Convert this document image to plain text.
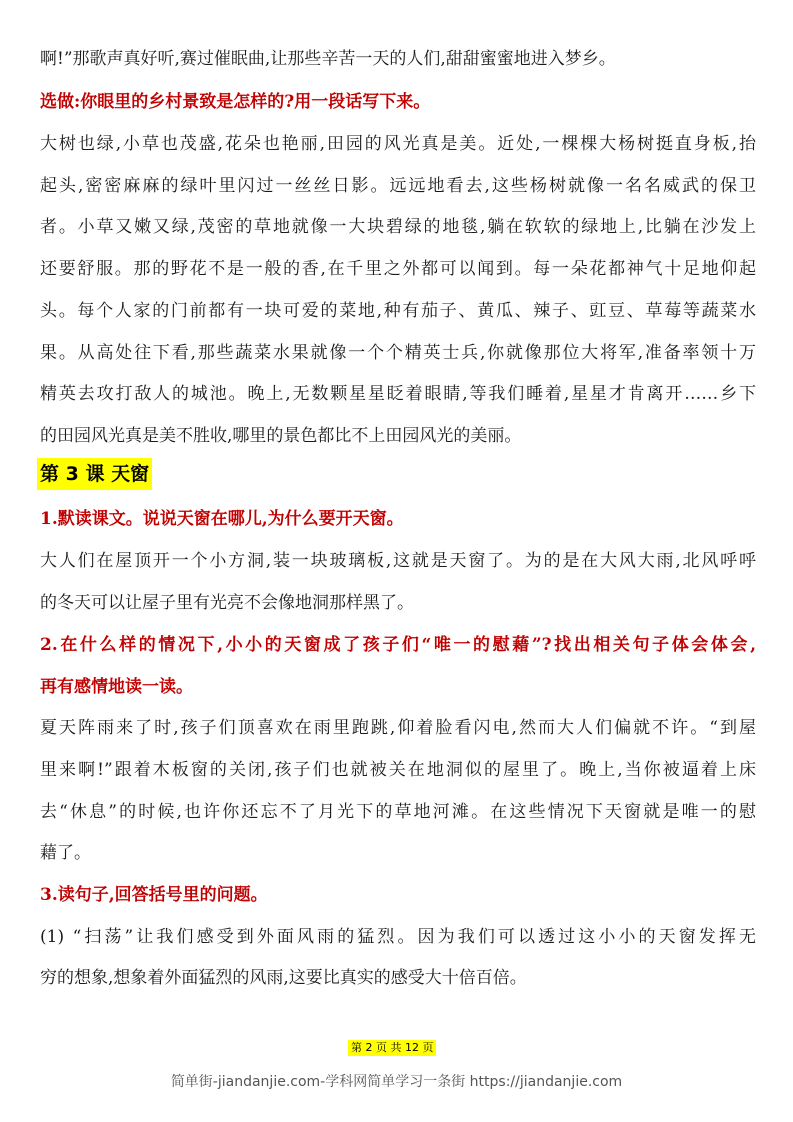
啊!”那歌声真好听,赛过催眠曲,让那些辛苦一天的人们,甜甜蜜蜜地进入梦乡。
选做:你眼里的乡村景致是怎样的?用一段话写下来。
大树也绿,小草也茂盛,花朵也艳丽,田园的风光真是美。近处,一棵棵大杨树挺直身板,抬
起头,密密麻麻的绿叶里闪过一丝丝日影。远远地看去,这些杨树就像一名名威武的保卫
者。小草又嫩又绿,茂密的草地就像一大块碧绿的地毯,躺在软软的绿地上,比躺在沙发上
还要舒服。那的野花不是一般的香,在千里之外都可以闻到。每一朵花都神气十足地仰起
头。每个人家的门前都有一块可爱的菜地,种有茄子、黄瓜、辣子、豇豆、草莓等蔬菜水
果。从高处往下看,那些蔬菜水果就像一个个精英士兵,你就像那位大将军,准备率领十万
精英去攻打敌人的城池。晚上,无数颗星星眨着眼睛,等我们睡着,星星才肯离开……乡下
的田园风光真是美不胜收,哪里的景色都比不上田园风光的美丽。
第 3 课 天窗
1.默读课文。说说天窗在哪儿,为什么要开天窗。
大人们在屋顶开一个小方洞,装一块玻璃板,这就是天窗了。为的是在大风大雨,北风呼呼
的冬天可以让屋子里有光亮不会像地洞那样黑了。
2.在什么样的情况下,小小的天窗成了孩子们“唯一的慰藉”?找出相关句子体会体会,
再有感情地读一读。
夏天阵雨来了时,孩子们顶喜欢在雨里跑跳,仰着脸看闪电,然而大人们偏就不许。“到屋
里来啊!”跟着木板窗的关闭,孩子们也就被关在地洞似的屋里了。晚上,当你被逼着上床
去“休息”的时候,也许你还忘不了月光下的草地河滩。在这些情况下天窗就是唯一的慰
藉了。
3.读句子,回答括号里的问题。
(1) “扫荡”让我们感受到外面风雨的猛烈。因为我们可以透过这小小的天窗发挥无
穷的想象,想象着外面猛烈的风雨,这要比真实的感受大十倍百倍。
第 2 页 共 12 页
简单街-jiandanjie.com-学科网简单学习一条街 https://jiandanjie.com
